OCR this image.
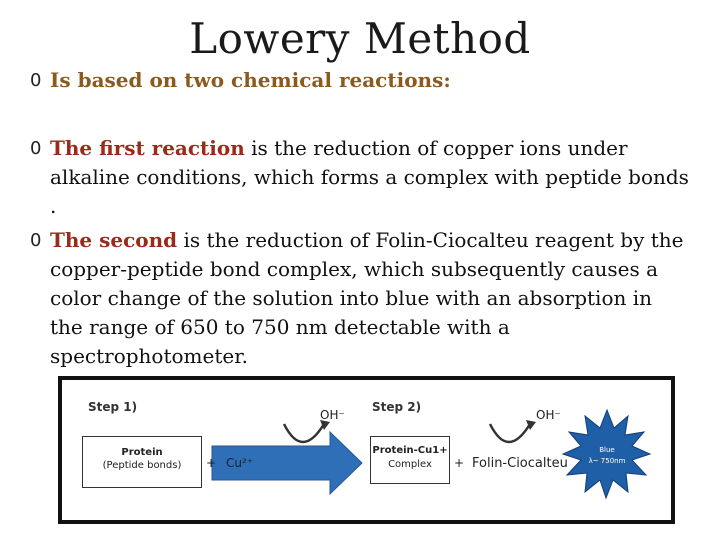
Lowery Method
0 Is based on two chemical reactions:
0 The first reaction is the reduction of copper ions under alkaline conditions, which forms a complex with peptide bonds .
0 The second is the reduction of Folin-Ciocalteu reagent by the copper-peptide bond complex, which subsequently causes a color change of the solution into blue with an absorption in the range of 650 to 750 nm detectable with a spectrophotometer.
Step 1)	Step 2)
OH⁻	OH⁻
Protein
(Peptide bonds)	+ Cu²⁺
Protein-Cu1+
Complex	+ Folin-Ciocalteu
Blue
λ~ 750nm
